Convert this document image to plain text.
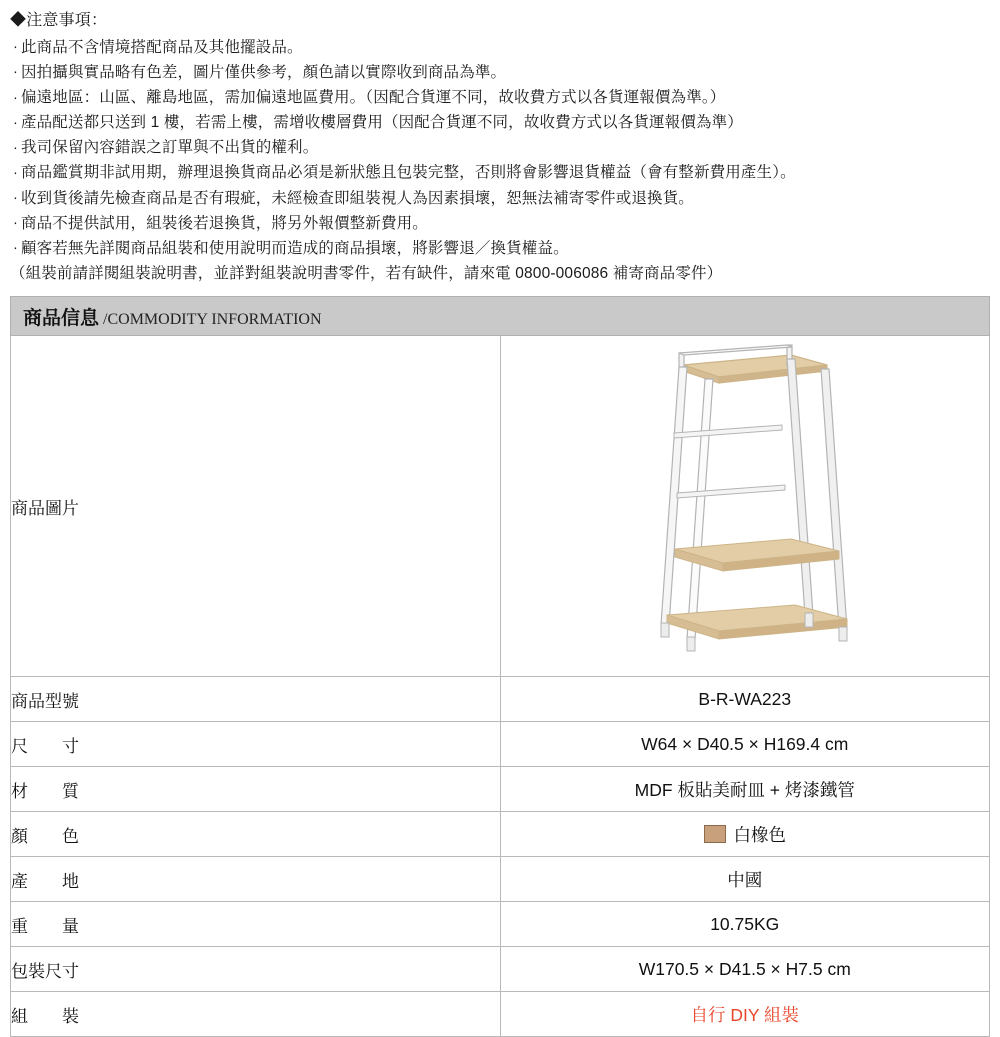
◆注意事項：
‧ 此商品不含情境搭配商品及其他擺設品。
‧ 因拍攝與實品略有色差，圖片僅供參考，顏色請以實際收到商品為準。
‧ 偏遠地區：山區、離島地區，需加偏遠地區費用。（因配合貨運不同，故收費方式以各貨運報價為準。）
‧ 產品配送都只送到 1 樓，若需上樓，需增收樓層費用（因配合貨運不同，故收費方式以各貨運報價為準）
‧ 我司保留內容錯誤之訂單與不出貨的權利。
‧ 商品鑑賞期非試用期，辦理退換貨商品必須是新狀態且包裝完整，否則將會影響退貨權益（會有整新費用產生）。
‧ 收到貨後請先檢查商品是否有瑕疵，未經檢查即組裝視人為因素損壞，恕無法補寄零件或退換貨。
‧ 商品不提供試用，組裝後若退換貨，將另外報價整新費用。
‧ 顧客若無先詳閱商品組裝和使用說明而造成的商品損壞，將影響退／換貨權益。
（組裝前請詳閱組裝說明書，並詳對組裝說明書零件，若有缺件，請來電 0800-006086 補寄商品零件）
商品信息 /COMMODITY INFORMATION	
商品圖片	

商品型號	B-R-WA223
尺　　寸	W64 × D40.5 × H169.4 cm
材　　質	MDF 板貼美耐皿 + 烤漆鐵管
顏　　色	白橡色
產　　地	中國
重　　量	10.75KG
包裝尺寸	W170.5 × D41.5 × H7.5 cm
組　　裝	自行 DIY 組裝
